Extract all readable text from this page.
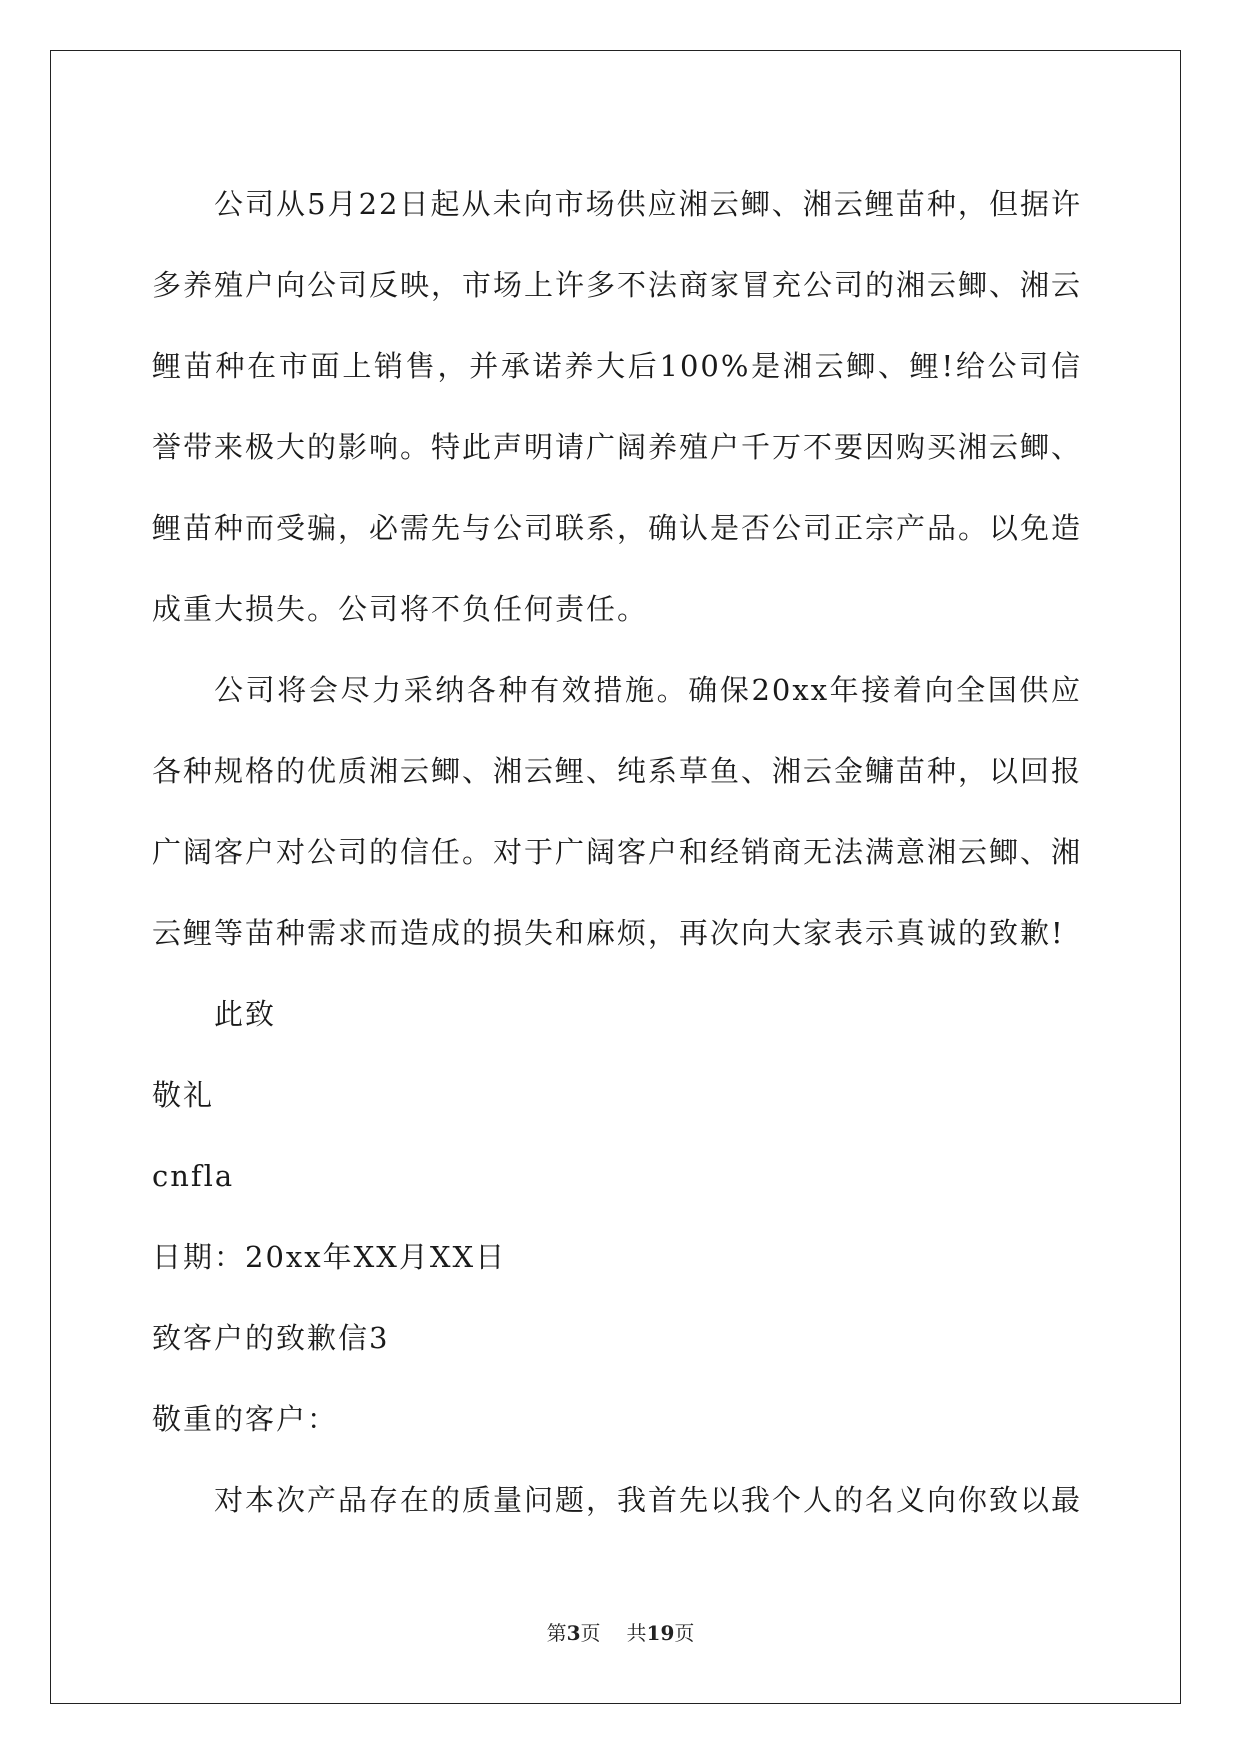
公司从5月22日起从未向市场供应湘云鲫、湘云鲤苗种，但据许多养殖户向公司反映，市场上许多不法商家冒充公司的湘云鲫、湘云鲤苗种在市面上销售，并承诺养大后100%是湘云鲫、鲤!给公司信誉带来极大的影响。特此声明请广阔养殖户千万不要因购买湘云鲫、鲤苗种而受骗，必需先与公司联系，确认是否公司正宗产品。以免造成重大损失。公司将不负任何责任。

公司将会尽力采纳各种有效措施。确保20xx年接着向全国供应各种规格的优质湘云鲫、湘云鲤、纯系草鱼、湘云金鳙苗种，以回报广阔客户对公司的信任。对于广阔客户和经销商无法满意湘云鲫、湘云鲤等苗种需求而造成的损失和麻烦，再次向大家表示真诚的致歉!

此致

敬礼

cnfla

日期：20xx年XX月XX日

致客户的致歉信3

敬重的客户：

对本次产品存在的质量问题，我首先以我个人的名义向你致以最

第3页 共19页
